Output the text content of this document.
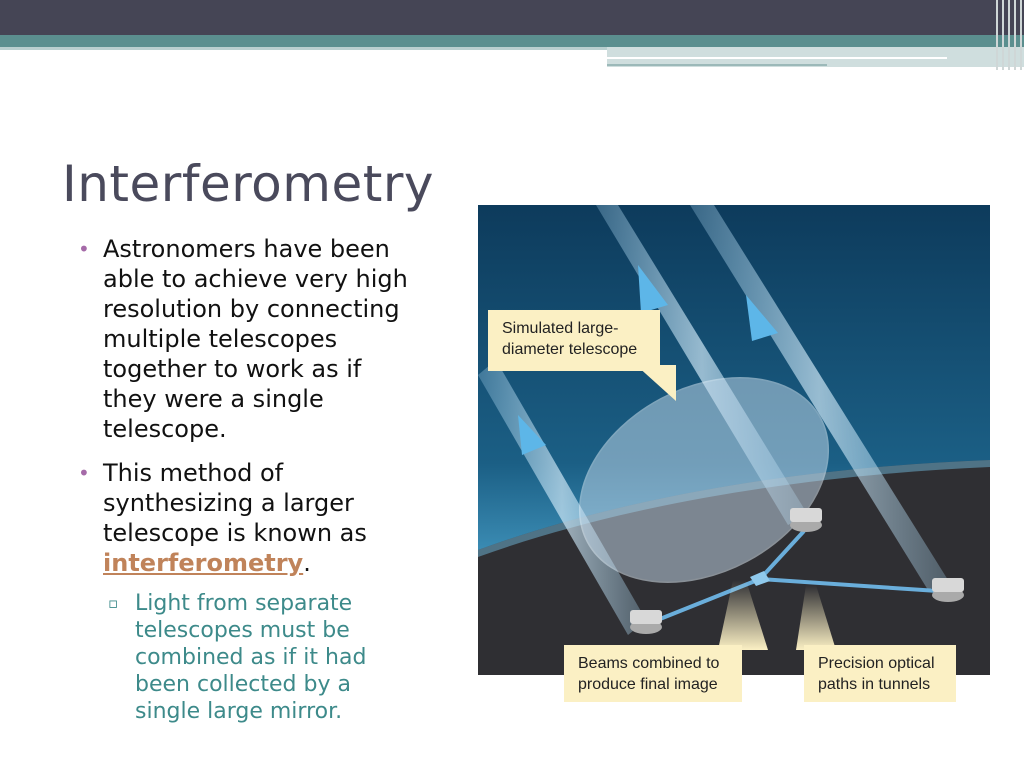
Interferometry
• Astronomers have been able to achieve very high resolution by connecting multiple telescopes together to work as if they were a single telescope.
• This method of synthesizing a larger telescope is known as interferometry.
▫ Light from separate telescopes must be combined as if it had been collected by a single large mirror.
Simulated large-diameter telescope
Beams combined to produce final image
Precision optical paths in tunnels
